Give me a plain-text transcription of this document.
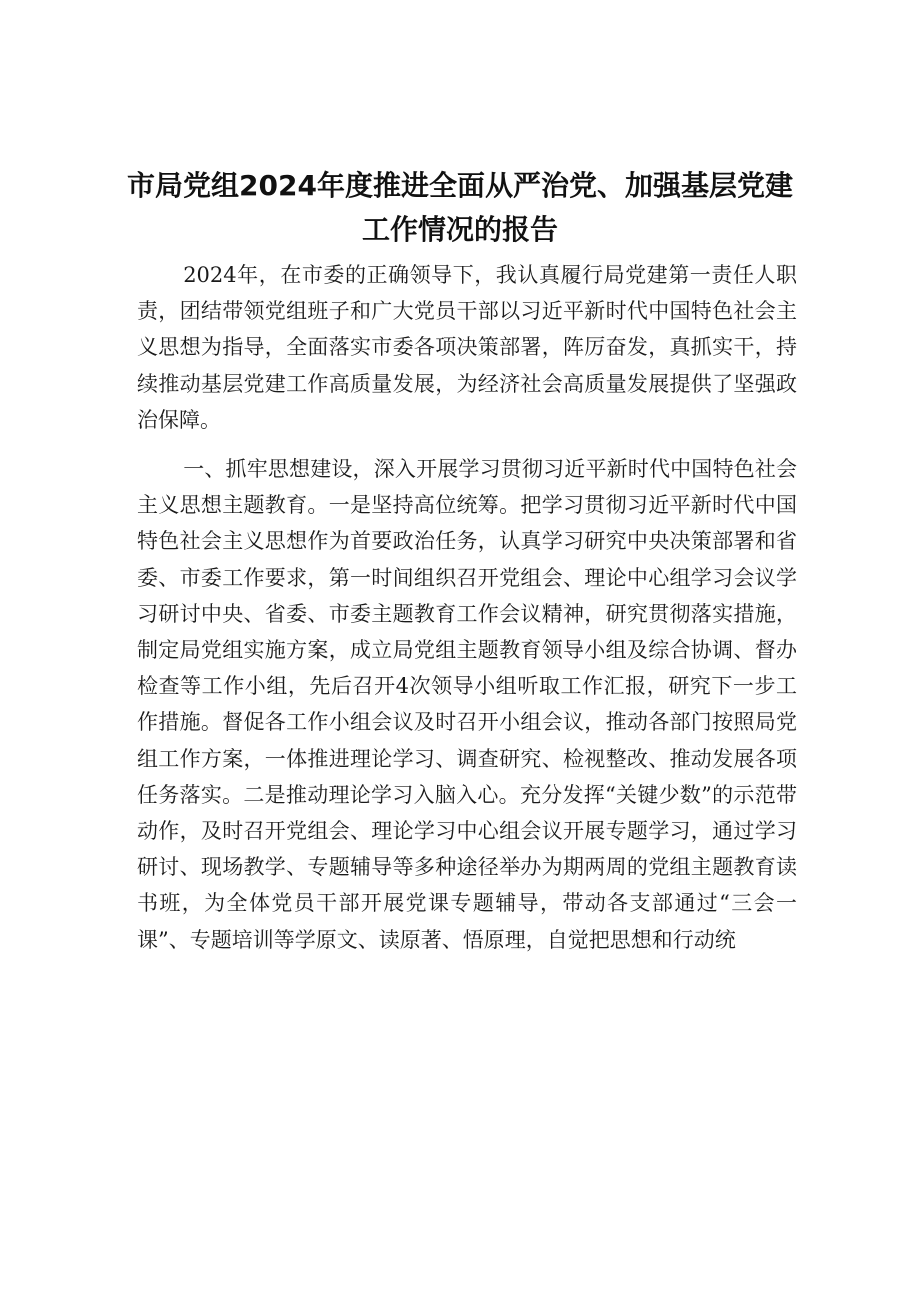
市局党组2024年度推进全面从严治党、加强基层党建工作情况的报告

2024年，在市委的正确领导下，我认真履行局党建第一责任人职责，团结带领党组班子和广大党员干部以习近平新时代中国特色社会主义思想为指导，全面落实市委各项决策部署，阵厉奋发，真抓实干，持续推动基层党建工作高质量发展，为经济社会高质量发展提供了坚强政治保障。

一、抓牢思想建设，深入开展学习贯彻习近平新时代中国特色社会主义思想主题教育。一是坚持高位统筹。把学习贯彻习近平新时代中国特色社会主义思想作为首要政治任务，认真学习研究中央决策部署和省委、市委工作要求，第一时间组织召开党组会、理论中心组学习会议学习研讨中央、省委、市委主题教育工作会议精神，研究贯彻落实措施，制定局党组实施方案，成立局党组主题教育领导小组及综合协调、督办检查等工作小组，先后召开4次领导小组听取工作汇报，研究下一步工作措施。督促各工作小组会议及时召开小组会议，推动各部门按照局党组工作方案，一体推进理论学习、调查研究、检视整改、推动发展各项任务落实。二是推动理论学习入脑入心。充分发挥“关键少数”的示范带动作，及时召开党组会、理论学习中心组会议开展专题学习，通过学习研讨、现场教学、专题辅导等多种途径举办为期两周的党组主题教育读书班，为全体党员干部开展党课专题辅导，带动各支部通过“三会一课”、专题培训等学原文、读原著、悟原理，自觉把思想和行动统
